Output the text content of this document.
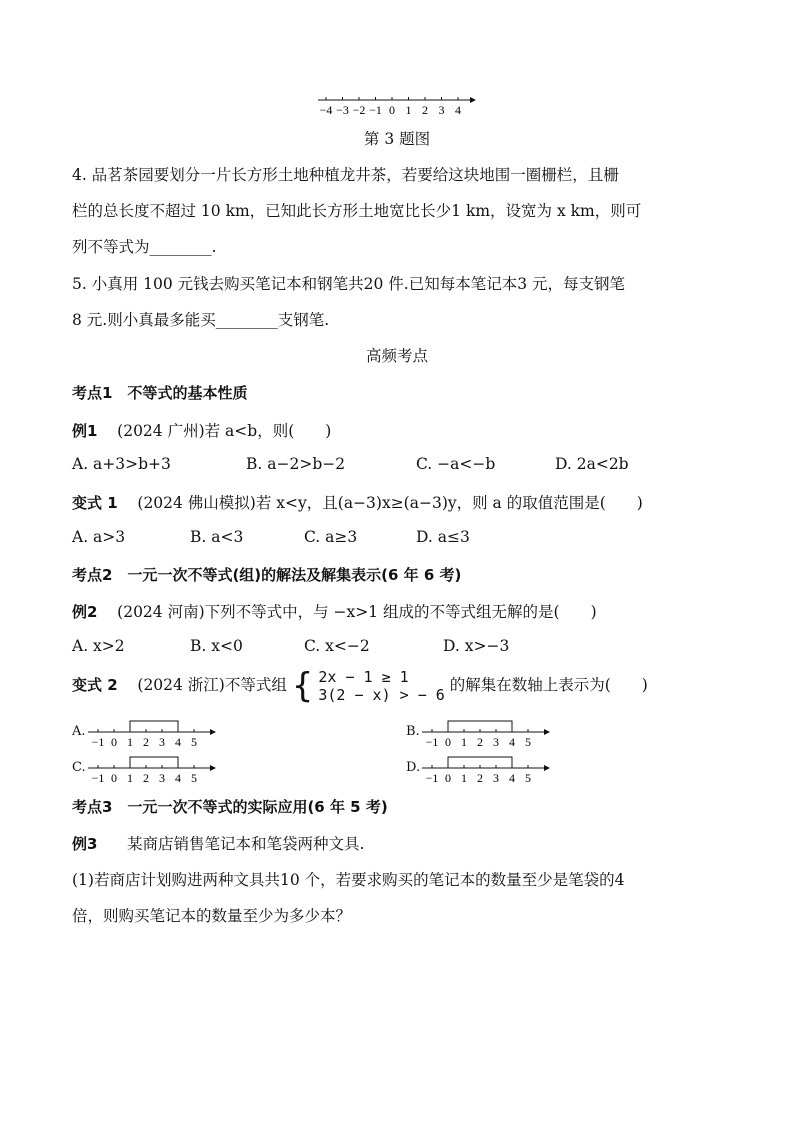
−4 −3 −2 −1 0 1 2 3 4
第 3 题图
4. 品茗茶园要划分一片长方形土地种植龙井茶，若要给这块地围一圈栅栏，且栅
栏的总长度不超过 10 km，已知此长方形土地宽比长少1 km，设宽为 x km，则可
列不等式为________.
5. 小真用 100 元钱去购买笔记本和钢笔共20 件.已知每本笔记本3 元，每支钢笔
8 元.则小真最多能买________支钢笔.
高频考点
考点1　不等式的基本性质
例1 (2024 广州)若 a<b，则(　　)
A. a+3>b+3	B. a−2>b−2	C. −a<−b	D. 2a<2b
变式 1 (2024 佛山模拟)若 x<y，且(a−3)x≥(a−3)y，则 a 的取值范围是(　　)
A. a>3	B. a<3	C. a≥3	D. a≤3
考点2　一元一次不等式(组)的解法及解集表示(6 年 6 考)
例2 (2024 河南)下列不等式中，与 −x>1 组成的不等式组无解的是(　　)
A. x>2	B. x<0	C. x<−2	D. x>−3
变式 2 (2024 浙江)不等式组 { 2x − 1 ≥ 1
3(2 − x) > − 6
的解集在数轴上表示为(　　)
A.
−1 0 1 2 3 4 5
B.
−1 0 1 2 3 4 5
C.
−1 0 1 2 3 4 5
D.
−1 0 1 2 3 4 5
考点3　一元一次不等式的实际应用(6 年 5 考)
例3 某商店销售笔记本和笔袋两种文具.
(1)若商店计划购进两种文具共10 个，若要求购买的笔记本的数量至少是笔袋的4
倍，则购买笔记本的数量至少为多少本？
